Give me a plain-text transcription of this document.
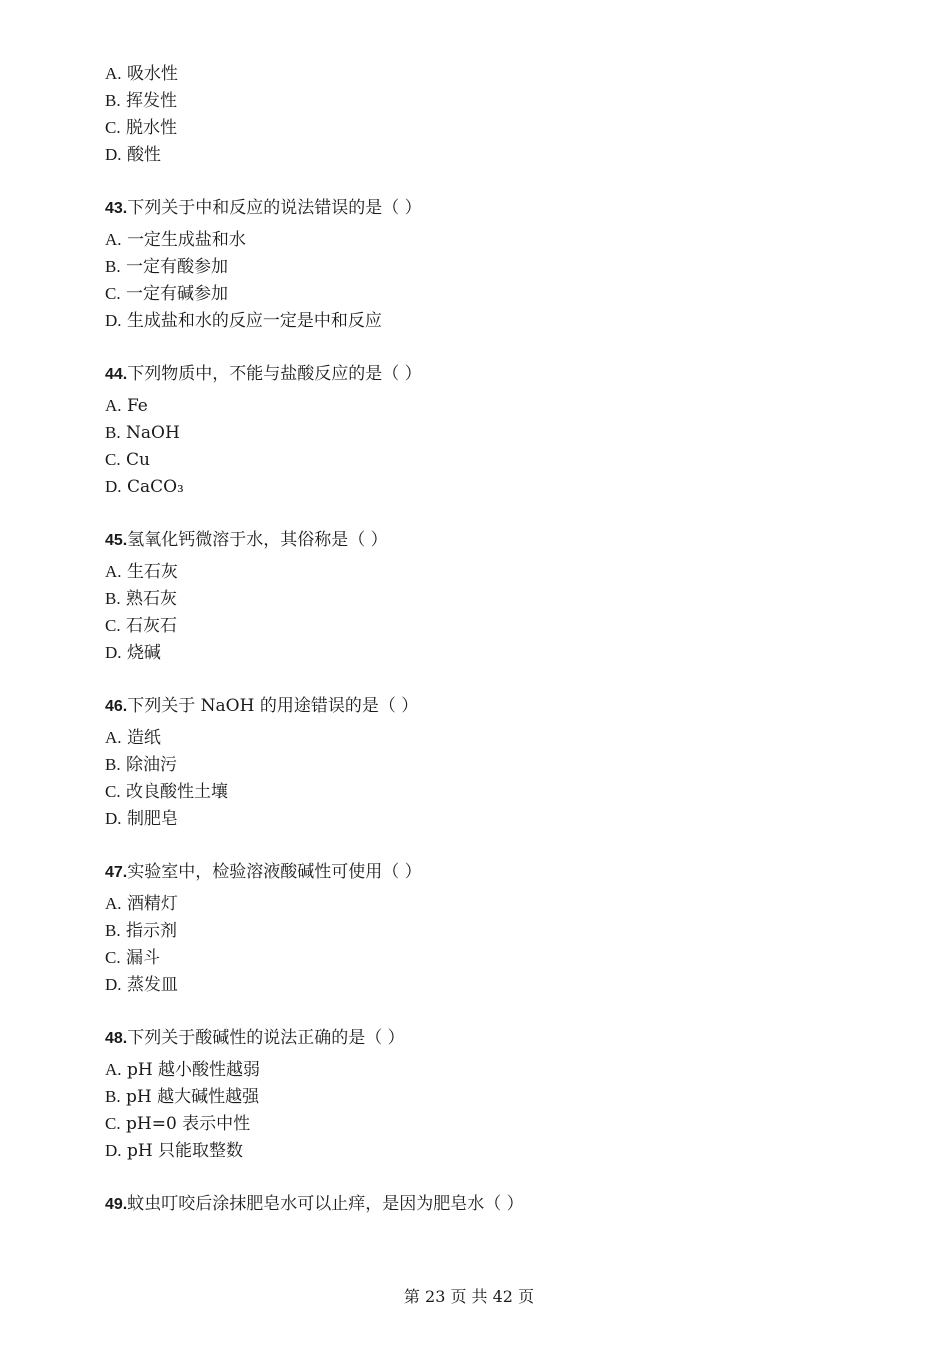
A. 吸水性
B. 挥发性
C. 脱水性
D. 酸性
43.下列关于中和反应的说法错误的是（ ）
A. 一定生成盐和水
B. 一定有酸参加
C. 一定有碱参加
D. 生成盐和水的反应一定是中和反应
44.下列物质中，不能与盐酸反应的是（ ）
A. Fe
B. NaOH
C. Cu
D. CaCO₃
45.氢氧化钙微溶于水，其俗称是（ ）
A. 生石灰
B. 熟石灰
C. 石灰石
D. 烧碱
46.下列关于 NaOH 的用途错误的是（ ）
A. 造纸
B. 除油污
C. 改良酸性土壤
D. 制肥皂
47.实验室中，检验溶液酸碱性可使用（ ）
A. 酒精灯
B. 指示剂
C. 漏斗
D. 蒸发皿
48.下列关于酸碱性的说法正确的是（ ）
A. pH 越小酸性越弱
B. pH 越大碱性越强
C. pH=0 表示中性
D. pH 只能取整数
49.蚊虫叮咬后涂抹肥皂水可以止痒，是因为肥皂水（ ）
第 23 页 共 42 页
